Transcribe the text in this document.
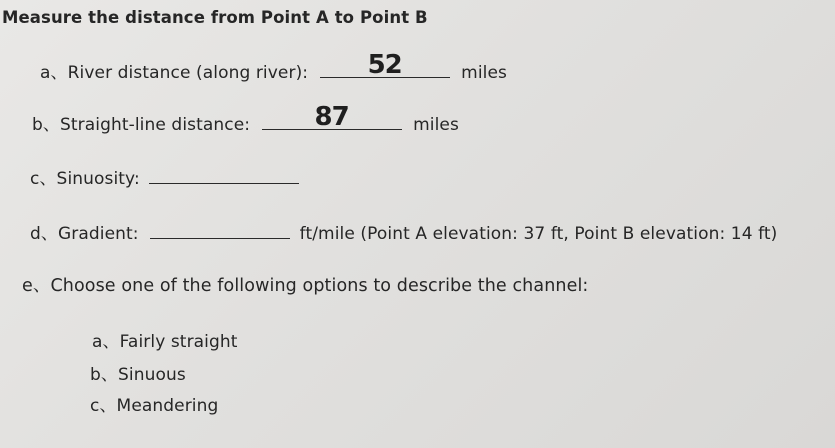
Measure the distance from Point A to Point B
a、River distance (along river): 52	miles
b、Straight-line distance: 87	miles
c、Sinuosity:
d、Gradient:	ft/mile (Point A elevation: 37 ft, Point B elevation: 14 ft)
e、Choose one of the following options to describe the channel:
a、Fairly straight
b、Sinuous
c、Meandering
